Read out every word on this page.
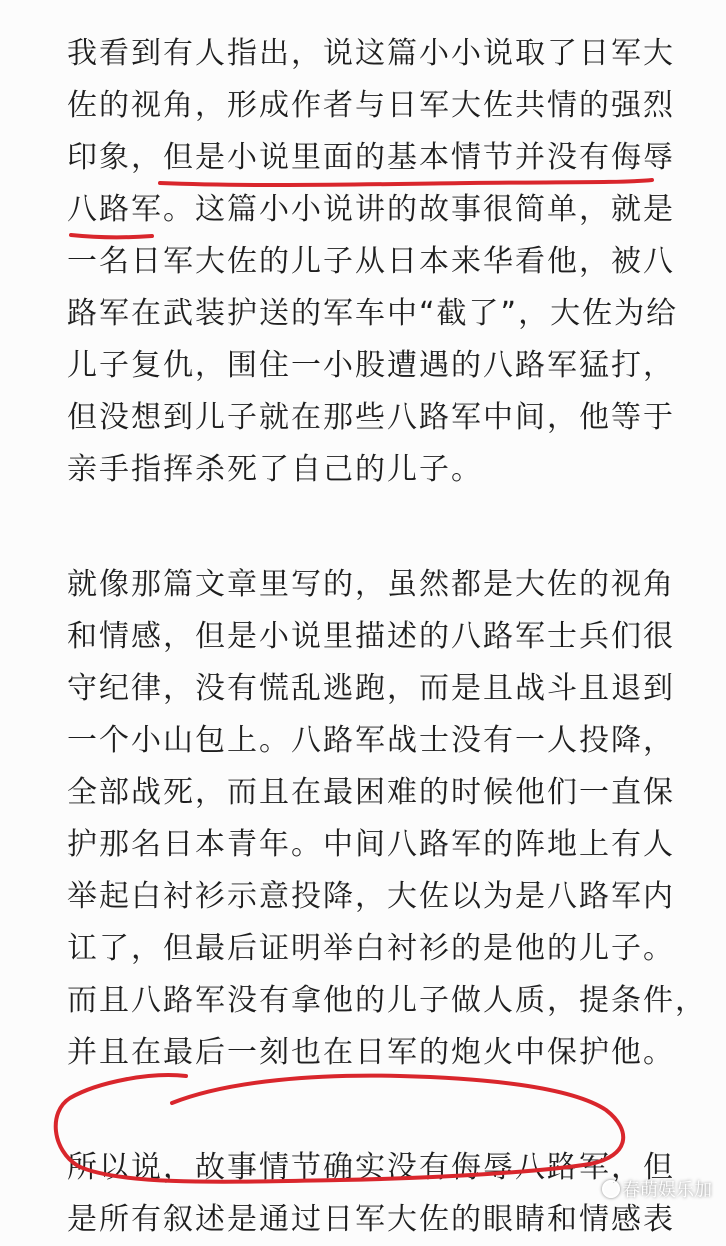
我看到有人指出，说这篇小小说取了日军大
佐的视角，形成作者与日军大佐共情的强烈
印象，但是小说里面的基本情节并没有侮辱
八路军。这篇小小说讲的故事很简单，就是
一名日军大佐的儿子从日本来华看他，被八
路军在武装护送的军车中“截了”，大佐为给
儿子复仇，围住一小股遭遇的八路军猛打，
但没想到儿子就在那些八路军中间，他等于
亲手指挥杀死了自己的儿子。
就像那篇文章里写的，虽然都是大佐的视角
和情感，但是小说里描述的八路军士兵们很
守纪律，没有慌乱逃跑，而是且战斗且退到
一个小山包上。八路军战士没有一人投降，
全部战死，而且在最困难的时候他们一直保
护那名日本青年。中间八路军的阵地上有人
举起白衬衫示意投降，大佐以为是八路军内
讧了，但最后证明举白衬衫的是他的儿子。
而且八路军没有拿他的儿子做人质，提条件，
并且在最后一刻也在日军的炮火中保护他。
所以说，故事情节确实没有侮辱八路军，但
是所有叙述是通过日军大佐的眼睛和情感表
春萌娱乐加
